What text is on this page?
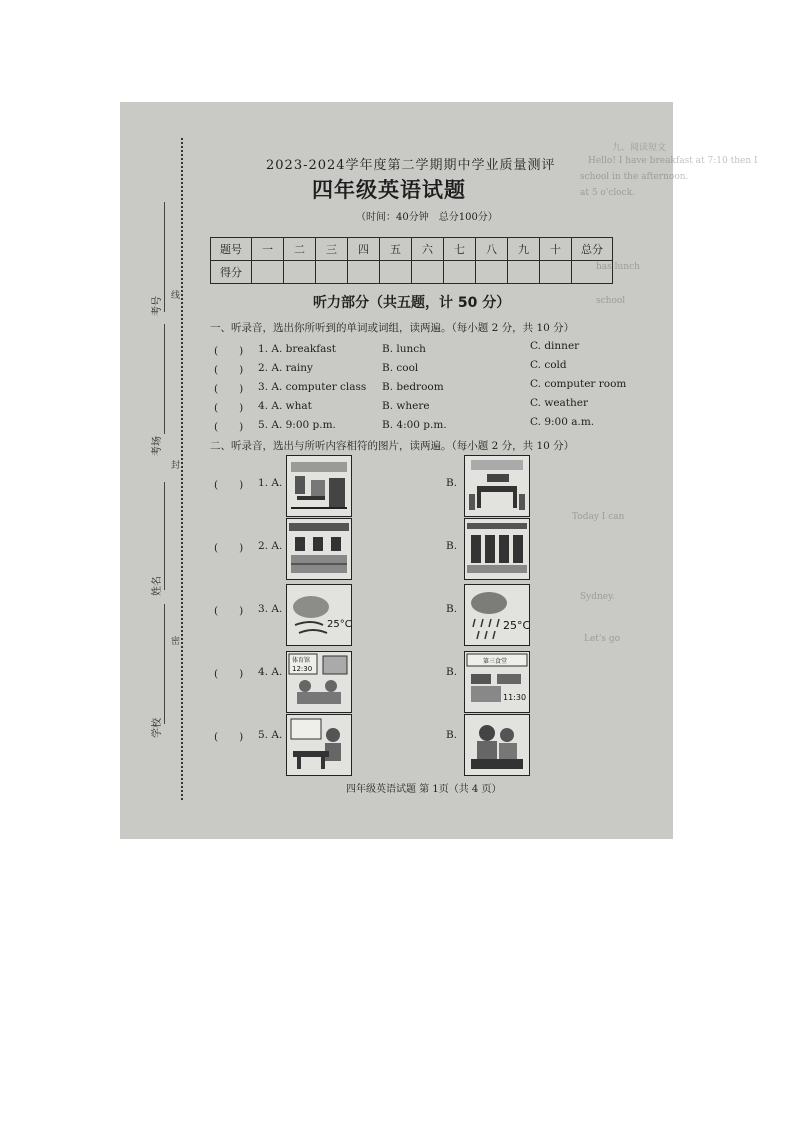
九、阅读短文
Hello! I have breakfast at 7:10 then I
school in the afternoon.
at 5 o'clock.
has lunch
school
Today I can
Sydney.
Let's go
考号
考场
姓名
学校
线
封
密
2023-2024学年度第二学期期中学业质量测评
四年级英语试题
（时间：40分钟　总分100分）
题号	一	二	三	四	五	六	七	八	九	十	总分
得分											
听力部分（共五题，计 50 分）
一、听录音，选出你所听到的单词或词组，读两遍。（每小题 2 分，共 10 分）
(　　) 1. A. breakfast	B. lunch	C. dinner
(　　) 2. A. rainy	B. cool	C. cold
(　　) 3. A. computer class B. bedroom	C. computer room
(　　) 4. A. what	B. where	C. weather
(　　) 5. A. 9:00 p.m.	B. 4:00 p.m.	C. 9:00 a.m.
二、听录音，选出与所听内容相符的图片，读两遍。（每小题 2 分，共 10 分）
(　　) 1. A.	B.
(　　) 2. A.	B.
(　　) 3. A.	B.
(　　) 4. A.	B.
(　　) 5. A.	B.
25°C
体育馆
12:30
25°C
第三食堂
11:30
四年级英语试题 第 1页（共 4 页）
